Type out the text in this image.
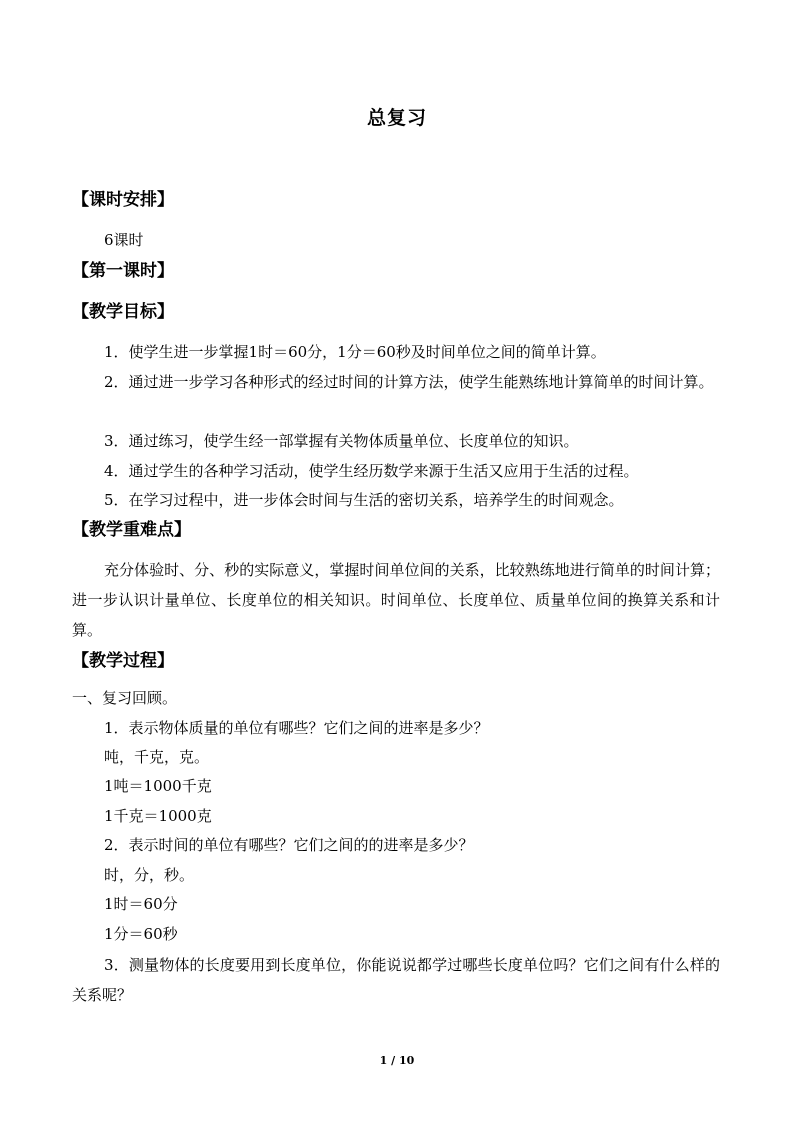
总复习
【课时安排】
6课时
【第一课时】
【教学目标】
1．使学生进一步掌握1时＝60分，1分＝60秒及时间单位之间的简单计算。
2．通过进一步学习各种形式的经过时间的计算方法，使学生能熟练地计算简单的时间计算。
3．通过练习，使学生经一部掌握有关物体质量单位、长度单位的知识。
4．通过学生的各种学习活动，使学生经历数学来源于生活又应用于生活的过程。
5．在学习过程中，进一步体会时间与生活的密切关系，培养学生的时间观念。
【教学重难点】
充分体验时、分、秒的实际意义，掌握时间单位间的关系，比较熟练地进行简单的时间计算；进一步认识计量单位、长度单位的相关知识。时间单位、长度单位、质量单位间的换算关系和计算。
【教学过程】
一、复习回顾。
1．表示物体质量的单位有哪些？它们之间的进率是多少？
吨，千克，克。
1吨＝1000千克
1千克＝1000克
2．表示时间的单位有哪些？它们之间的的进率是多少？
时，分，秒。
1时＝60分
1分＝60秒
3．测量物体的长度要用到长度单位，你能说说都学过哪些长度单位吗？它们之间有什么样的关系呢？
1 / 10
